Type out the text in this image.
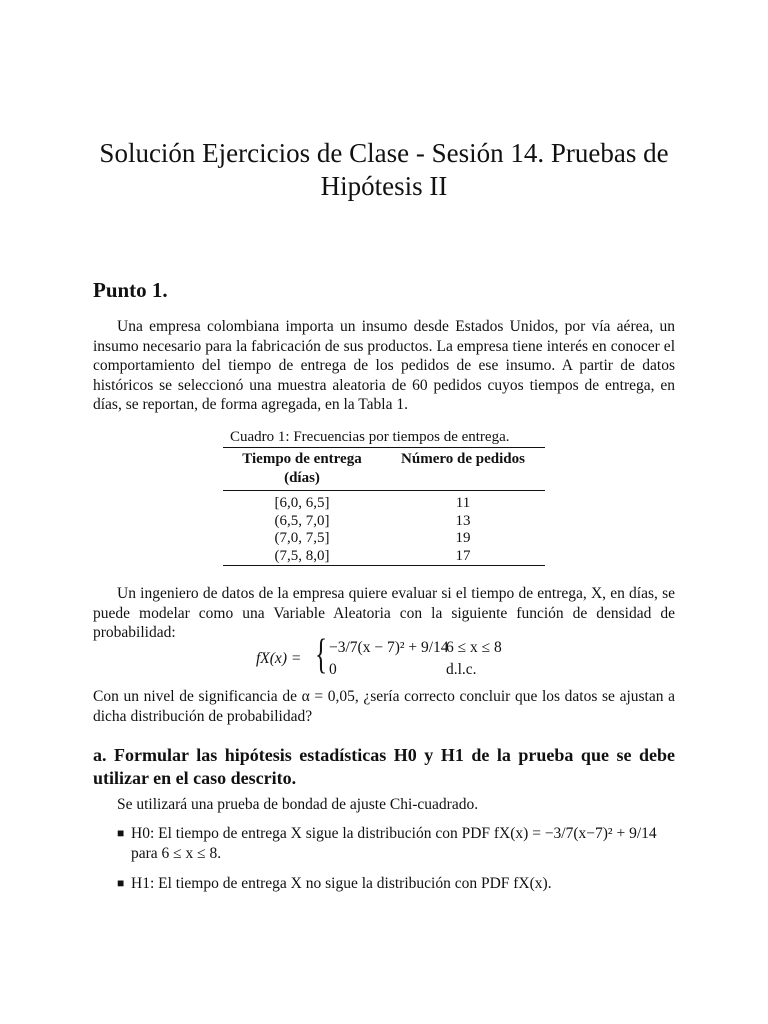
Solución Ejercicios de Clase - Sesión 14. Pruebas de Hipótesis II
Punto 1.
Una empresa colombiana importa un insumo desde Estados Unidos, por vía aérea, un insumo necesario para la fabricación de sus productos. La empresa tiene interés en conocer el comportamiento del tiempo de entrega de los pedidos de ese insumo. A partir de datos históricos se seleccionó una muestra aleatoria de 60 pedidos cuyos tiempos de entrega, en días, se reportan, de forma agregada, en la Tabla 1.
Cuadro 1: Frecuencias por tiempos de entrega.
Tiempo de entrega (días)	Número de pedidos
[6,0, 6,5]	11
(6,5, 7,0]	13
(7,0, 7,5]	19
(7,5, 8,0]	17
Un ingeniero de datos de la empresa quiere evaluar si el tiempo de entrega, X, en días, se puede modelar como una Variable Aleatoria con la siguiente función de densidad de probabilidad:
fX(x) = { −3/7(x − 7)² + 9/14
6 ≤ x ≤ 8
0	d.l.c.
Con un nivel de significancia de α = 0,05, ¿sería correcto concluir que los datos se ajustan a dicha distribución de probabilidad?
a. Formular las hipótesis estadísticas H0 y H1 de la prueba que se debe utilizar en el caso descrito.
Se utilizará una prueba de bondad de ajuste Chi-cuadrado.
■ H0: El tiempo de entrega X sigue la distribución con PDF fX(x) = −3/7(x−7)² + 9/14 para 6 ≤ x ≤ 8.
■ H1: El tiempo de entrega X no sigue la distribución con PDF fX(x).
